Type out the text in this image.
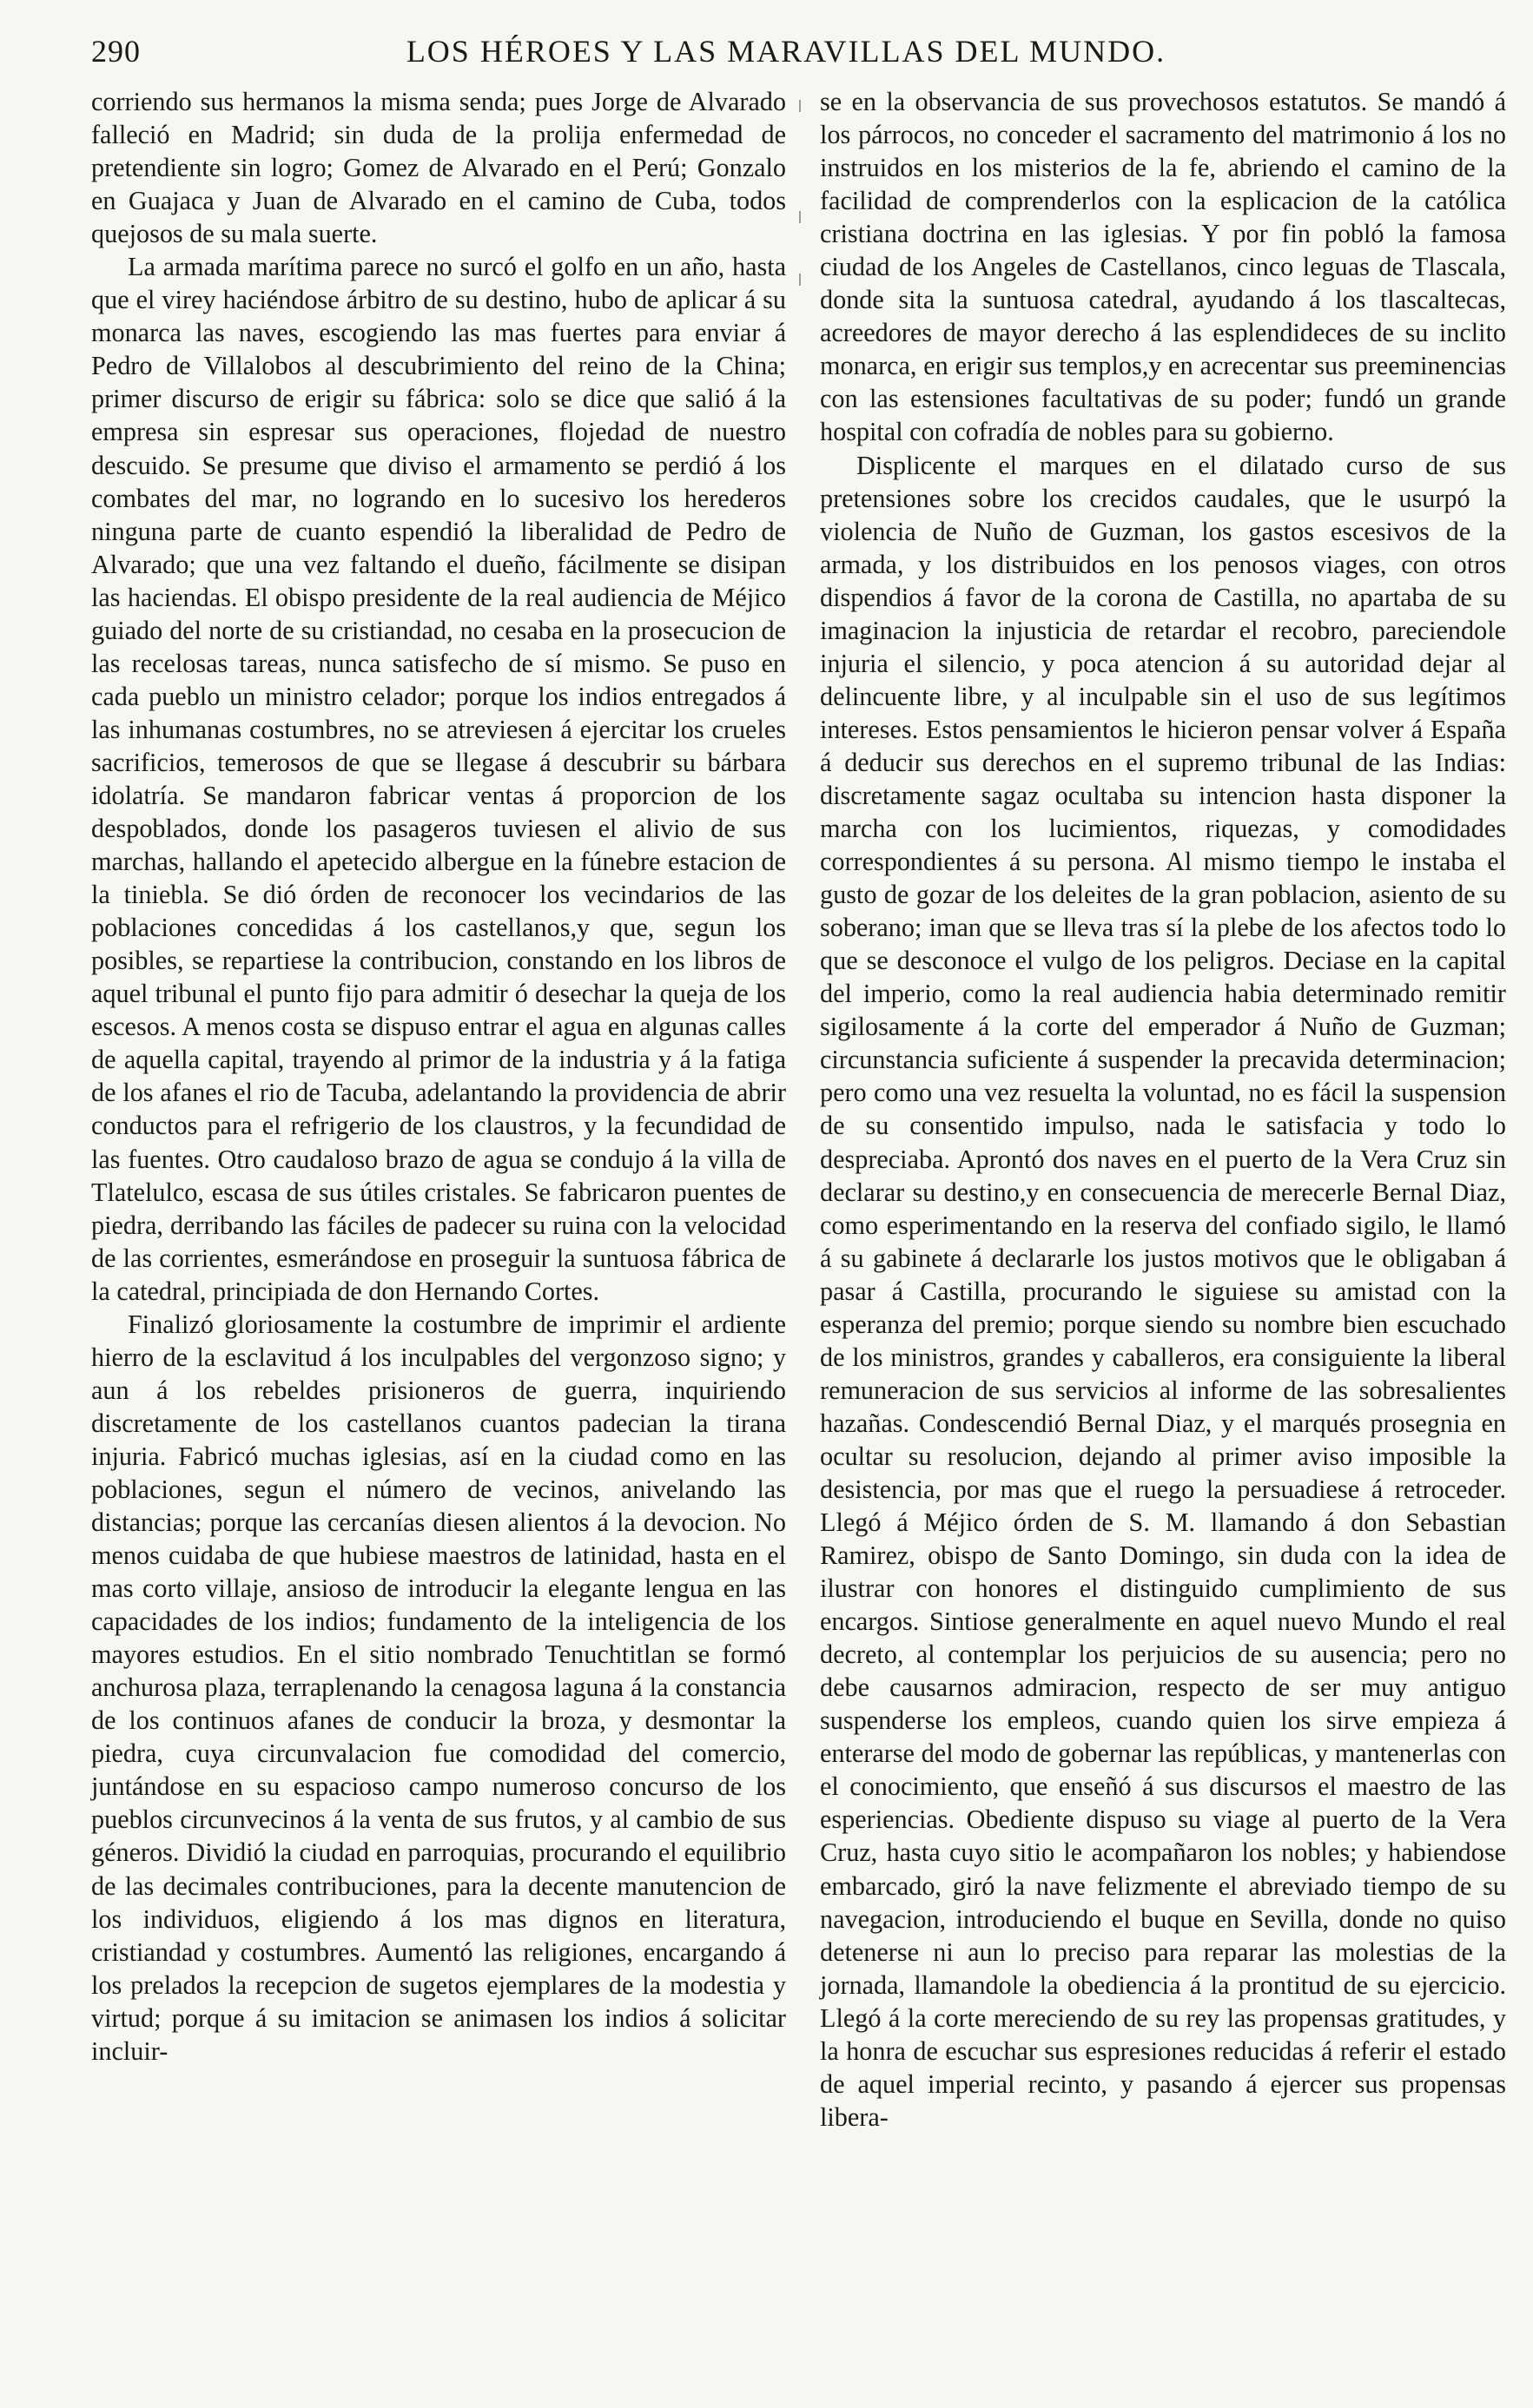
290	LOS HÉROES Y LAS MARAVILLAS DEL MUNDO.

corriendo sus hermanos la misma senda; pues Jorge de Alvarado falleció en Madrid; sin duda de la prolija enfermedad de pretendiente sin logro; Gomez de Alvarado en el Perú; Gonzalo en Guajaca y Juan de Alvarado en el camino de Cuba, todos quejosos de su mala suerte.

La armada marítima parece no surcó el golfo en un año, hasta que el virey haciéndose árbitro de su destino, hubo de aplicar á su monarca las naves, escogiendo las mas fuertes para enviar á Pedro de Villalobos al descubrimiento del reino de la China; primer discurso de erigir su fábrica: solo se dice que salió á la empresa sin espresar sus operaciones, flojedad de nuestro descuido. Se presume que diviso el armamento se perdió á los combates del mar, no logrando en lo sucesivo los herederos ninguna parte de cuanto espendió la liberalidad de Pedro de Alvarado; que una vez faltando el dueño, fácilmente se disipan las haciendas. El obispo presidente de la real audiencia de Méjico guiado del norte de su cristiandad, no cesaba en la prosecucion de las recelosas tareas, nunca satisfecho de sí mismo. Se puso en cada pueblo un ministro celador; porque los indios entregados á las inhumanas costumbres, no se atreviesen á ejercitar los crueles sacrificios, temerosos de que se llegase á descubrir su bárbara idolatría. Se mandaron fabricar ventas á proporcion de los despoblados, donde los pasageros tuviesen el alivio de sus marchas, hallando el apetecido albergue en la fúnebre estacion de la tiniebla. Se dió órden de reconocer los vecindarios de las poblaciones concedidas á los castellanos,y que, segun los posibles, se repartiese la contribucion, constando en los libros de aquel tribunal el punto fijo para admitir ó desechar la queja de los escesos. A menos costa se dispuso entrar el agua en algunas calles de aquella capital, trayendo al primor de la industria y á la fatiga de los afanes el rio de Tacuba, adelantando la providencia de abrir conductos para el refrigerio de los claustros, y la fecundidad de las fuentes. Otro caudaloso brazo de agua se condujo á la villa de Tlatelulco, escasa de sus útiles cristales. Se fabricaron puentes de piedra, derribando las fáciles de padecer su ruina con la velocidad de las corrientes, esmerándose en proseguir la suntuosa fábrica de la catedral, principiada de don Hernando Cortes.

Finalizó gloriosamente la costumbre de imprimir el ardiente hierro de la esclavitud á los inculpables del vergonzoso signo; y aun á los rebeldes prisioneros de guerra, inquiriendo discretamente de los castellanos cuantos padecian la tirana injuria. Fabricó muchas iglesias, así en la ciudad como en las poblaciones, segun el número de vecinos, anivelando las distancias; porque las cercanías diesen alientos á la devocion. No menos cuidaba de que hubiese maestros de latinidad, hasta en el mas corto villaje, ansioso de introducir la elegante lengua en las capacidades de los indios; fundamento de la inteligencia de los mayores estudios. En el sitio nombrado Tenuchtitlan se formó anchurosa plaza, terraplenando la cenagosa laguna á la constancia de los continuos afanes de conducir la broza, y desmontar la piedra, cuya circunvalacion fue comodidad del comercio, juntándose en su espacioso campo numeroso concurso de los pueblos circunvecinos á la venta de sus frutos, y al cambio de sus géneros. Dividió la ciudad en parroquias, procurando el equilibrio de las decimales contribuciones, para la decente manutencion de los individuos, eligiendo á los mas dignos en literatura, cristiandad y costumbres. Aumentó las religiones, encargando á los prelados la recepcion de sugetos ejemplares de la modestia y virtud; porque á su imitacion se animasen los indios á solicitar incluir-

se en la observancia de sus provechosos estatutos. Se mandó á los párrocos, no conceder el sacramento del matrimonio á los no instruidos en los misterios de la fe, abriendo el camino de la facilidad de comprenderlos con la esplicacion de la católica cristiana doctrina en las iglesias. Y por fin pobló la famosa ciudad de los Angeles de Castellanos, cinco leguas de Tlascala, donde sita la suntuosa catedral, ayudando á los tlascaltecas, acreedores de mayor derecho á las esplendideces de su inclito monarca, en erigir sus templos,y en acrecentar sus preeminencias con las estensiones facultativas de su poder; fundó un grande hospital con cofradía de nobles para su gobierno.

Displicente el marques en el dilatado curso de sus pretensiones sobre los crecidos caudales, que le usurpó la violencia de Nuño de Guzman, los gastos escesivos de la armada, y los distribuidos en los penosos viages, con otros dispendios á favor de la corona de Castilla, no apartaba de su imaginacion la injusticia de retardar el recobro, pareciendole injuria el silencio, y poca atencion á su autoridad dejar al delincuente libre, y al inculpable sin el uso de sus legítimos intereses. Estos pensamientos le hicieron pensar volver á España á deducir sus derechos en el supremo tribunal de las Indias: discretamente sagaz ocultaba su intencion hasta disponer la marcha con los lucimientos, riquezas, y comodidades correspondientes á su persona. Al mismo tiempo le instaba el gusto de gozar de los deleites de la gran poblacion, asiento de su soberano; iman que se lleva tras sí la plebe de los afectos todo lo que se desconoce el vulgo de los peligros. Deciase en la capital del imperio, como la real audiencia habia determinado remitir sigilosamente á la corte del emperador á Nuño de Guzman; circunstancia suficiente á suspender la precavida determinacion; pero como una vez resuelta la voluntad, no es fácil la suspension de su consentido impulso, nada le satisfacia y todo lo despreciaba. Aprontó dos naves en el puerto de la Vera Cruz sin declarar su destino,y en consecuencia de merecerle Bernal Diaz, como esperimentando en la reserva del confiado sigilo, le llamó á su gabinete á declararle los justos motivos que le obligaban á pasar á Castilla, procurando le siguiese su amistad con la esperanza del premio; porque siendo su nombre bien escuchado de los ministros, grandes y caballeros, era consiguiente la liberal remuneracion de sus servicios al informe de las sobresalientes hazañas. Condescendió Bernal Diaz, y el marqués prosegnia en ocultar su resolucion, dejando al primer aviso imposible la desistencia, por mas que el ruego la persuadiese á retroceder. Llegó á Méjico órden de S. M. llamando á don Sebastian Ramirez, obispo de Santo Domingo, sin duda con la idea de ilustrar con honores el distinguido cumplimiento de sus encargos. Sintiose generalmente en aquel nuevo Mundo el real decreto, al contemplar los perjuicios de su ausencia; pero no debe causarnos admiracion, respecto de ser muy antiguo suspenderse los empleos, cuando quien los sirve empieza á enterarse del modo de gobernar las repúblicas, y mantenerlas con el conocimiento, que enseñó á sus discursos el maestro de las esperiencias. Obediente dispuso su viage al puerto de la Vera Cruz, hasta cuyo sitio le acompañaron los nobles; y habiendose embarcado, giró la nave felizmente el abreviado tiempo de su navegacion, introduciendo el buque en Sevilla, donde no quiso detenerse ni aun lo preciso para reparar las molestias de la jornada, llamandole la obediencia á la prontitud de su ejercicio. Llegó á la corte mereciendo de su rey las propensas gratitudes, y la honra de escuchar sus espresiones reducidas á referir el estado de aquel imperial recinto, y pasando á ejercer sus propensas libera-
